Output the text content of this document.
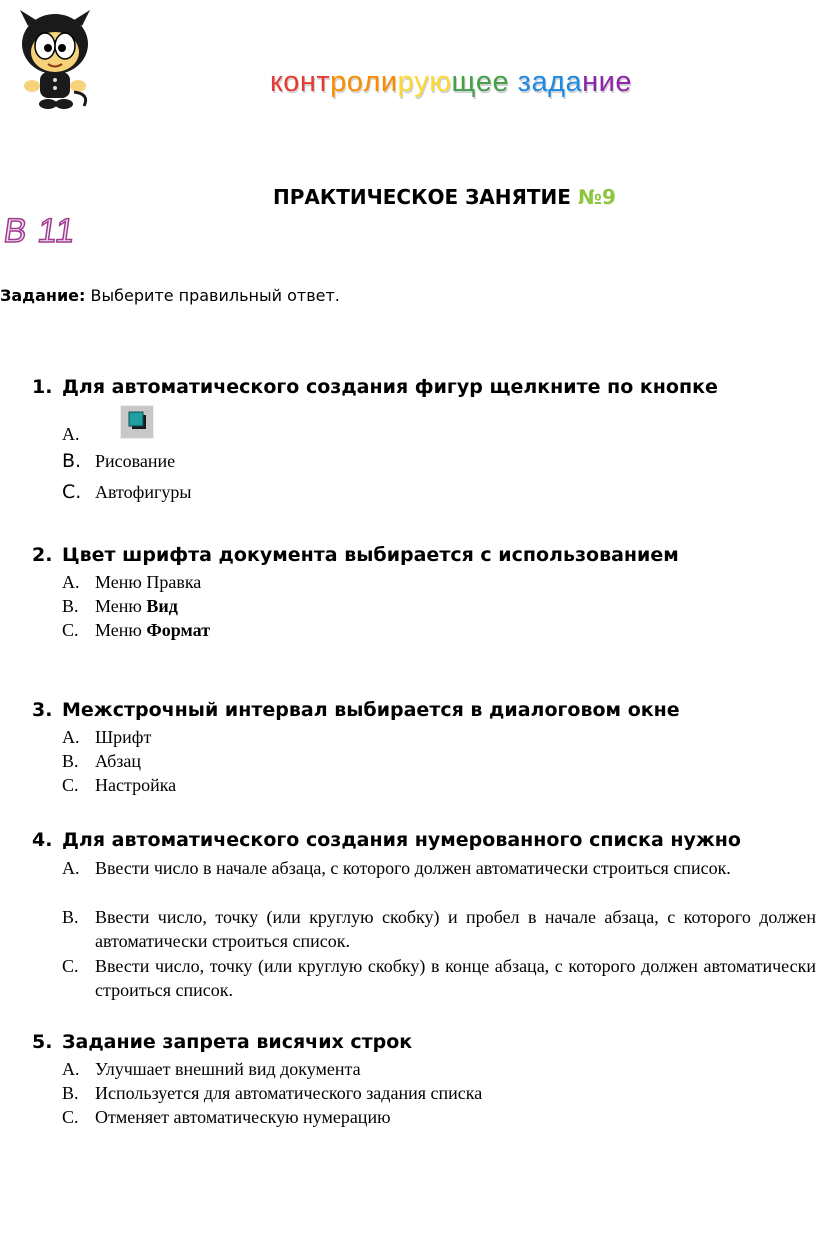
контролирующее задание
В 11
ПРАКТИЧЕСКОЕ ЗАНЯТИЕ №9
Задание: Выберите правильный ответ.
1. Для автоматического создания фигур щелкните по кнопке
A.
B. Рисование
C. Автофигуры
2. Цвет шрифта документа выбирается с использованием
A. Меню Правка
B. Меню Вид
C. Меню Формат
3. Межстрочный интервал выбирается в диалоговом окне
A. Шрифт
B. Абзац
C. Настройка
4. Для автоматического создания нумерованного списка нужно
A. Ввести число в начале абзаца, с которого должен автоматически строиться список.
B. Ввести число, точку (или круглую скобку) и пробел в начале абзаца, с которого должен автоматически строиться список.
C. Ввести число, точку (или круглую скобку) в конце абзаца, с которого должен автоматически строиться список.
5. Задание запрета висячих строк
A. Улучшает внешний вид документа
B. Используется для автоматического задания списка
C. Отменяет автоматическую нумерацию
